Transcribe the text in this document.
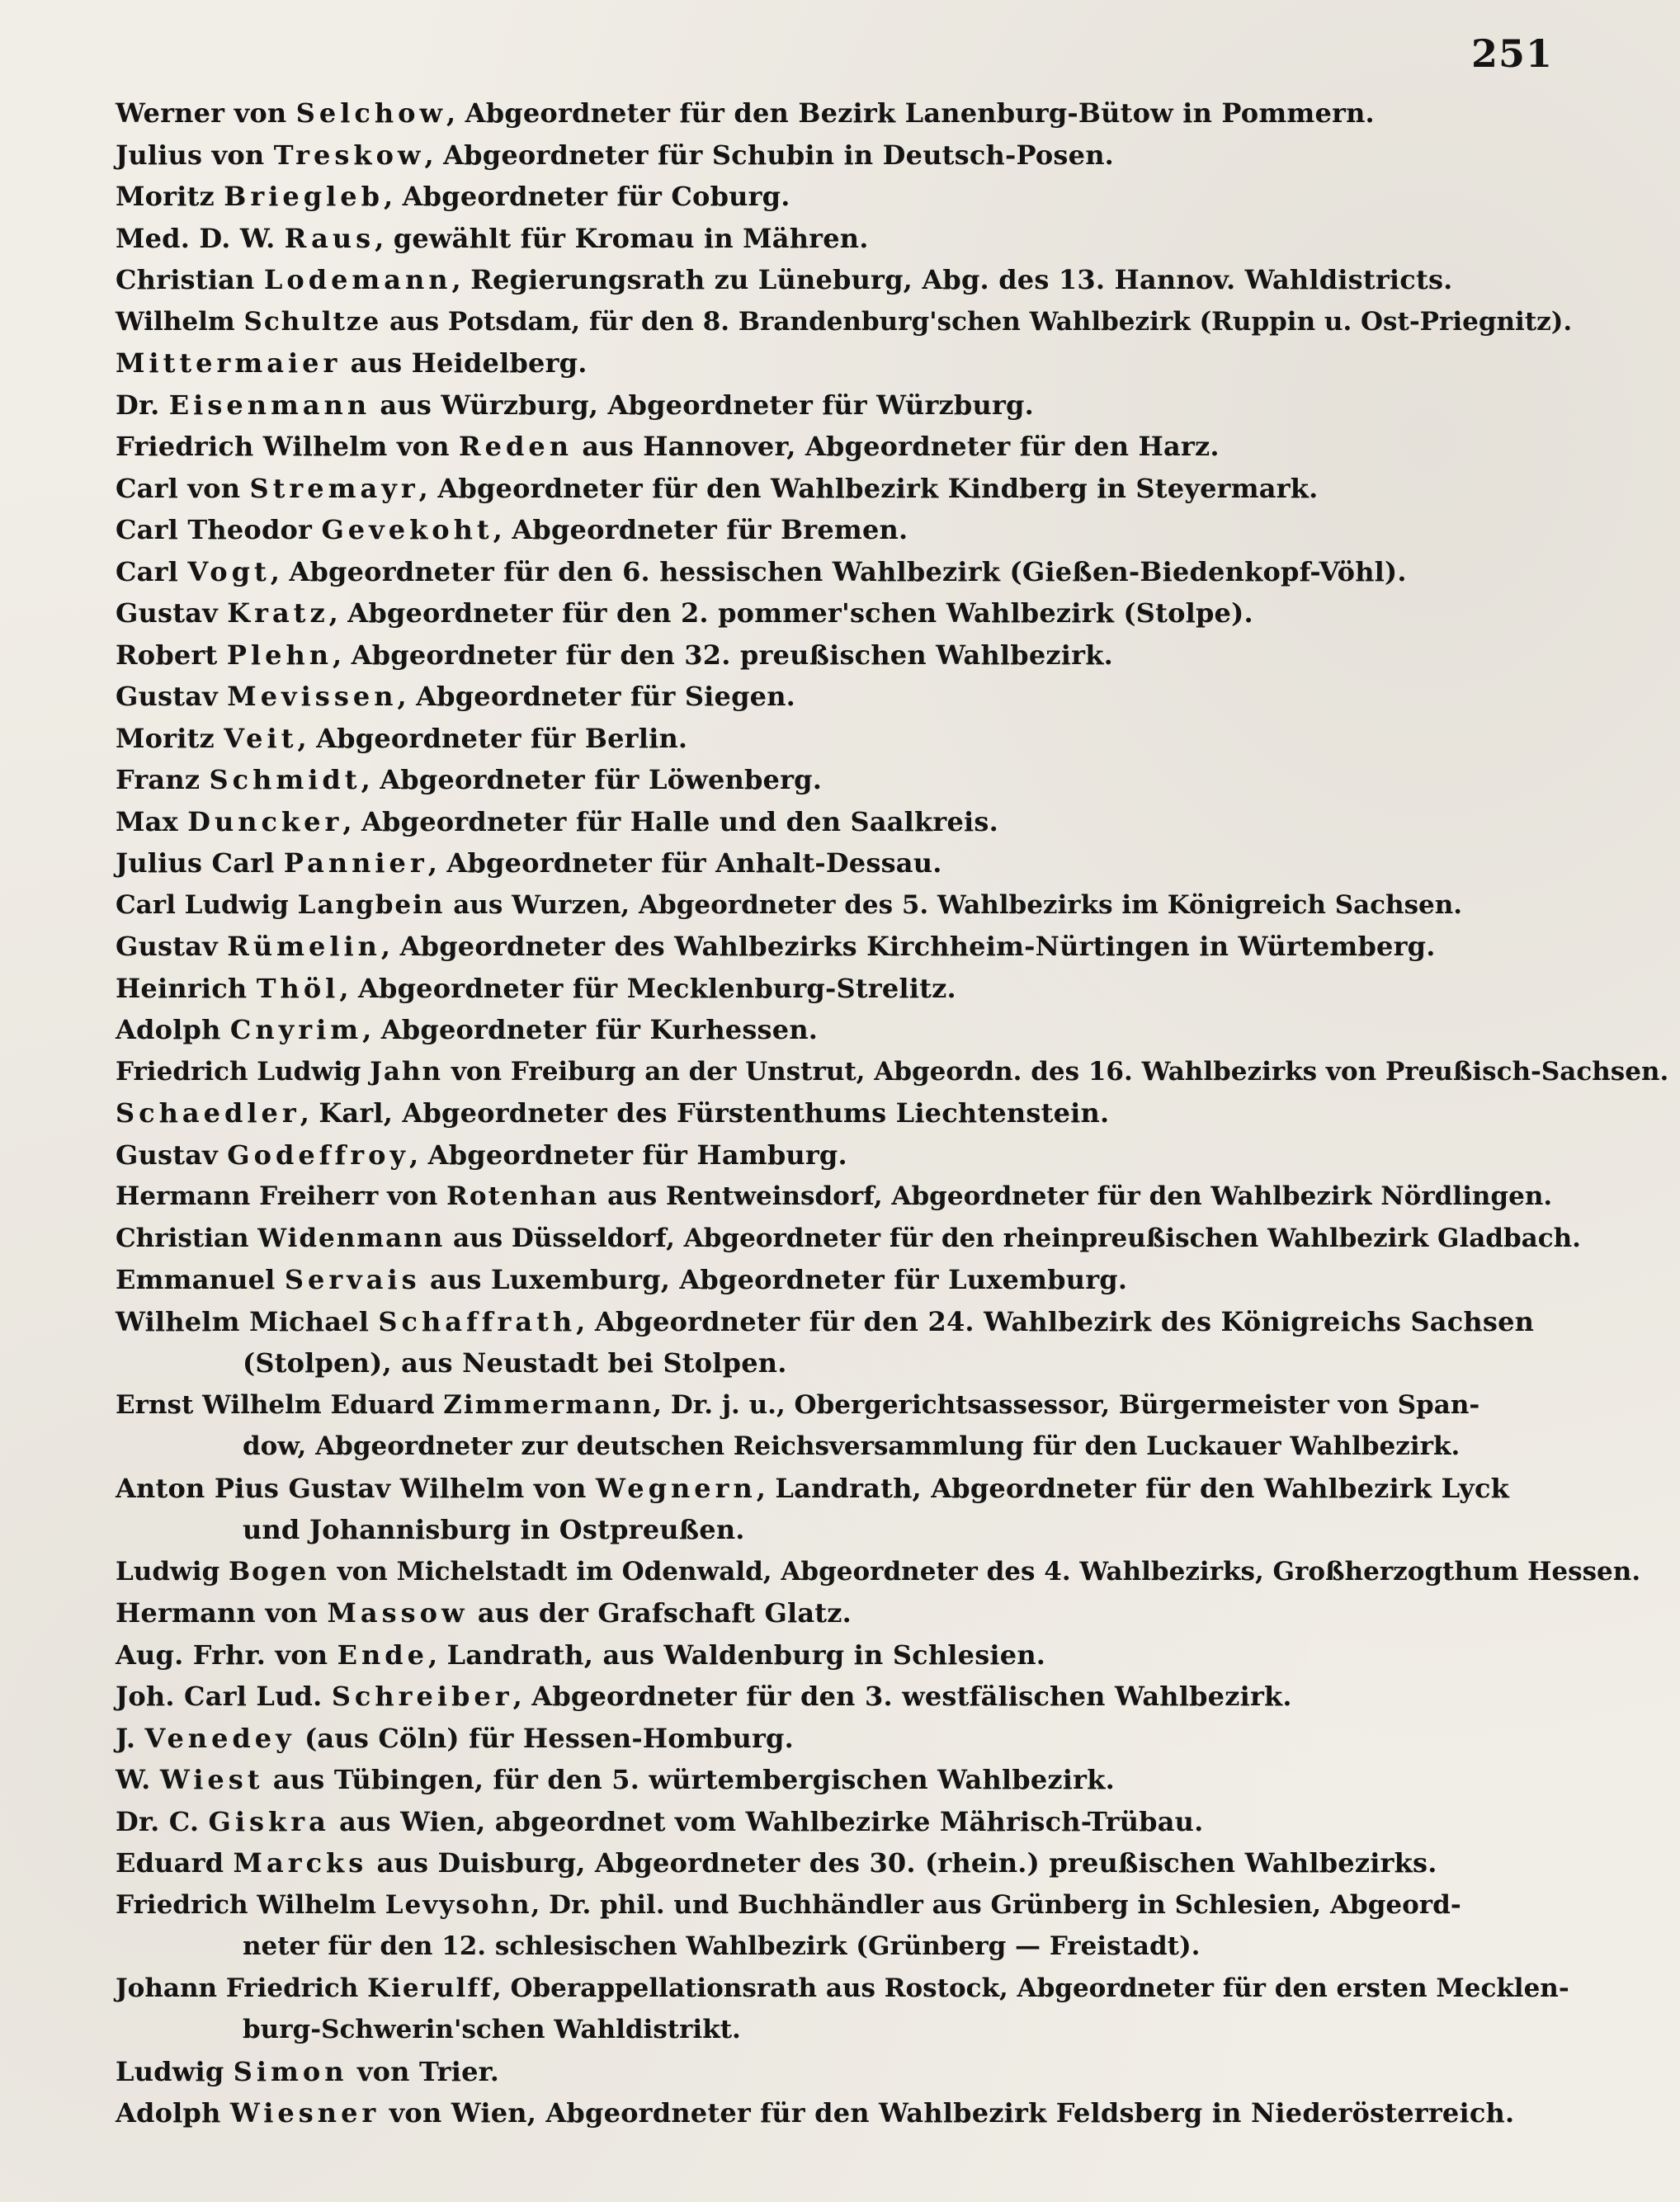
251
Werner von Selchow, Abgeordneter für den Bezirk Lanenburg-Bütow in Pommern.
Julius von Treskow, Abgeordneter für Schubin in Deutsch-Posen.
Moritz Briegleb, Abgeordneter für Coburg.
Med. D. W. Raus, gewählt für Kromau in Mähren.
Christian Lodemann, Regierungsrath zu Lüneburg, Abg. des 13. Hannov. Wahldistricts.
Wilhelm Schultze aus Potsdam, für den 8. Brandenburg'schen Wahlbezirk (Ruppin u. Ost-Priegnitz).
Mittermaier aus Heidelberg.
Dr. Eisenmann aus Würzburg, Abgeordneter für Würzburg.
Friedrich Wilhelm von Reden aus Hannover, Abgeordneter für den Harz.
Carl von Stremayr, Abgeordneter für den Wahlbezirk Kindberg in Steyermark.
Carl Theodor Gevekoht, Abgeordneter für Bremen.
Carl Vogt, Abgeordneter für den 6. hessischen Wahlbezirk (Gießen-Biedenkopf-Vöhl).
Gustav Kratz, Abgeordneter für den 2. pommer'schen Wahlbezirk (Stolpe).
Robert Plehn, Abgeordneter für den 32. preußischen Wahlbezirk.
Gustav Mevissen, Abgeordneter für Siegen.
Moritz Veit, Abgeordneter für Berlin.
Franz Schmidt, Abgeordneter für Löwenberg.
Max Duncker, Abgeordneter für Halle und den Saalkreis.
Julius Carl Pannier, Abgeordneter für Anhalt-Dessau.
Carl Ludwig Langbein aus Wurzen, Abgeordneter des 5. Wahlbezirks im Königreich Sachsen.
Gustav Rümelin, Abgeordneter des Wahlbezirks Kirchheim-Nürtingen in Würtemberg.
Heinrich Thöl, Abgeordneter für Mecklenburg-Strelitz.
Adolph Cnyrim, Abgeordneter für Kurhessen.
Friedrich Ludwig Jahn von Freiburg an der Unstrut, Abgeordn. des 16. Wahlbezirks von Preußisch-Sachsen.
Schaedler, Karl, Abgeordneter des Fürstenthums Liechtenstein.
Gustav Godeffroy, Abgeordneter für Hamburg.
Hermann Freiherr von Rotenhan aus Rentweinsdorf, Abgeordneter für den Wahlbezirk Nördlingen.
Christian Widenmann aus Düsseldorf, Abgeordneter für den rheinpreußischen Wahlbezirk Gladbach.
Emmanuel Servais aus Luxemburg, Abgeordneter für Luxemburg.
Wilhelm Michael Schaffrath, Abgeordneter für den 24. Wahlbezirk des Königreichs Sachsen
(Stolpen), aus Neustadt bei Stolpen.
Ernst Wilhelm Eduard Zimmermann, Dr. j. u., Obergerichtsassessor, Bürgermeister von Span-
dow, Abgeordneter zur deutschen Reichsversammlung für den Luckauer Wahlbezirk.
Anton Pius Gustav Wilhelm von Wegnern, Landrath, Abgeordneter für den Wahlbezirk Lyck
und Johannisburg in Ostpreußen.
Ludwig Bogen von Michelstadt im Odenwald, Abgeordneter des 4. Wahlbezirks, Großherzogthum Hessen.
Hermann von Massow aus der Grafschaft Glatz.
Aug. Frhr. von Ende, Landrath, aus Waldenburg in Schlesien.
Joh. Carl Lud. Schreiber, Abgeordneter für den 3. westfälischen Wahlbezirk.
J. Venedey (aus Cöln) für Hessen-Homburg.
W. Wiest aus Tübingen, für den 5. würtembergischen Wahlbezirk.
Dr. C. Giskra aus Wien, abgeordnet vom Wahlbezirke Mährisch-Trübau.
Eduard Marcks aus Duisburg, Abgeordneter des 30. (rhein.) preußischen Wahlbezirks.
Friedrich Wilhelm Levysohn, Dr. phil. und Buchhändler aus Grünberg in Schlesien, Abgeord-
neter für den 12. schlesischen Wahlbezirk (Grünberg — Freistadt).
Johann Friedrich Kierulff, Oberappellationsrath aus Rostock, Abgeordneter für den ersten Mecklen-
burg-Schwerin'schen Wahldistrikt.
Ludwig Simon von Trier.
Adolph Wiesner von Wien, Abgeordneter für den Wahlbezirk Feldsberg in Niederösterreich.
